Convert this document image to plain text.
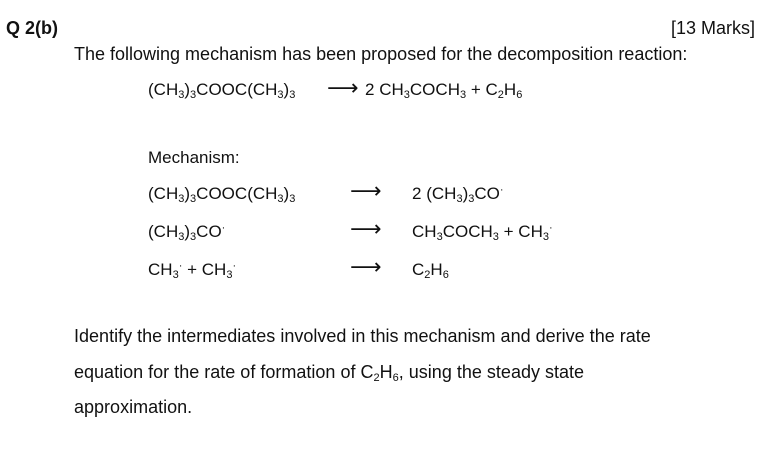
Q 2(b)	[13 Marks]
The following mechanism has been proposed for the decomposition reaction:
$(CH_3)_3COOC(CH_3)_3$ ⟶ 2 $CH_3COCH_3 + C_2H_6$
Mechanism:
$(CH_3)_3COOC(CH_3)_3$ ⟶ 2 $(CH_3)_3CO^\cdot$
$(CH_3)_3CO^\cdot$	⟶ $CH_3COCH_3 + CH_3^\cdot$
$CH_3^\cdot + CH_3^\cdot$	⟶ $C_2H_6$
Identify the intermediates involved in this mechanism and derive the rate
equation for the rate of formation of $C_2H_6$, using the steady state
approximation.
